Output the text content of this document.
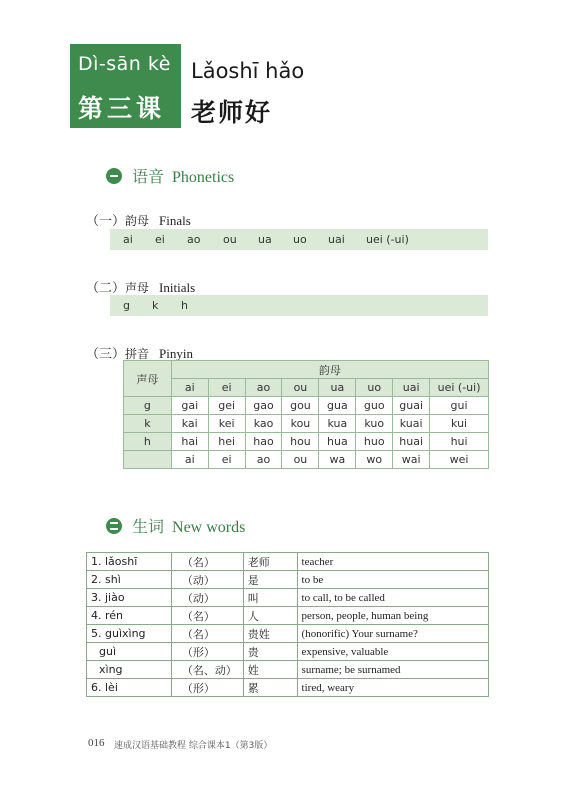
Dì-sān kè
第三课
Lǎoshī hǎo
老师好
语音 Phonetics
（一）韵母 Finals
ai ei ao ou ua uo uai uei (-ui)
（二）声母 Initials
g k h
（三）拼音 Pinyin
声母	韵母							
	ai	ei	ao	ou	ua	uo	uai	uei (-ui)
g	gai	gei	gao	gou	gua	guo	guai	gui
k	kai	kei	kao	kou	kua	kuo	kuai	kui
h	hai	hei	hao	hou	hua	huo	huai	hui
	ai	ei	ao	ou	wa	wo	wai	wei
生词 New words
1. lǎoshī	（名）	老师	teacher
2. shì	（动）	是	to be
3. jiào	（动）	叫	to call, to be called
4. rén	（名）	人	person, people, human being
5. guìxìng	（名）	贵姓	(honorific) Your surname?
guì	（形）	贵	expensive, valuable
xìng	（名、动）	姓	surname; be surnamed
6. lèi	（形）	累	tired, weary
016 速成汉语基础教程 综合课本1（第3版）
